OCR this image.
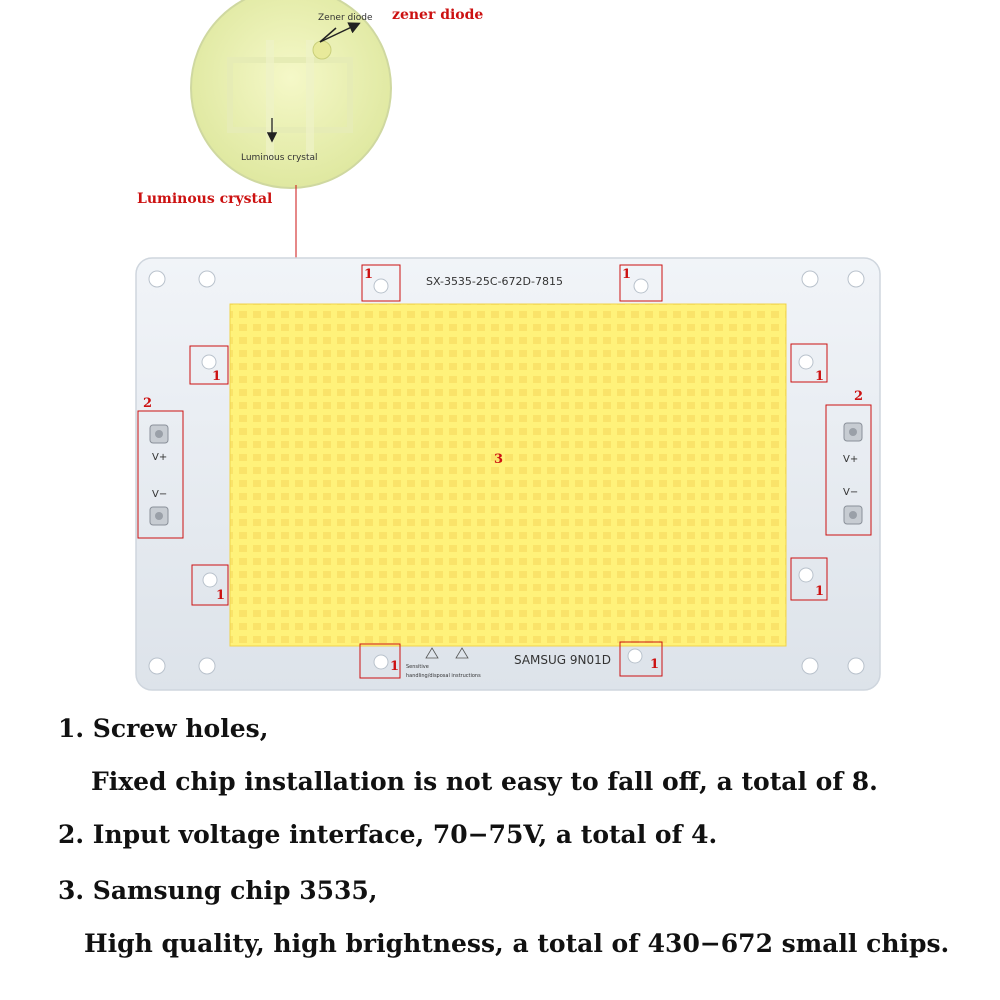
Zener diode
Luminous crystal
zener diode
Luminous crystal
SX-3535-25C-672D-7815
SAMSUG 9N01D
Sensitive
handling/disposal instructions
1	1
1	1
1	1
1	1
2
V+
V−
2
V+
V−
3
1. Screw holes,
Fixed chip installation is not easy to fall off, a total of 8.
2. Input voltage interface, 70−75V, a total of 4.
3. Samsung chip 3535,
High quality, high brightness, a total of 430−672 small chips.
